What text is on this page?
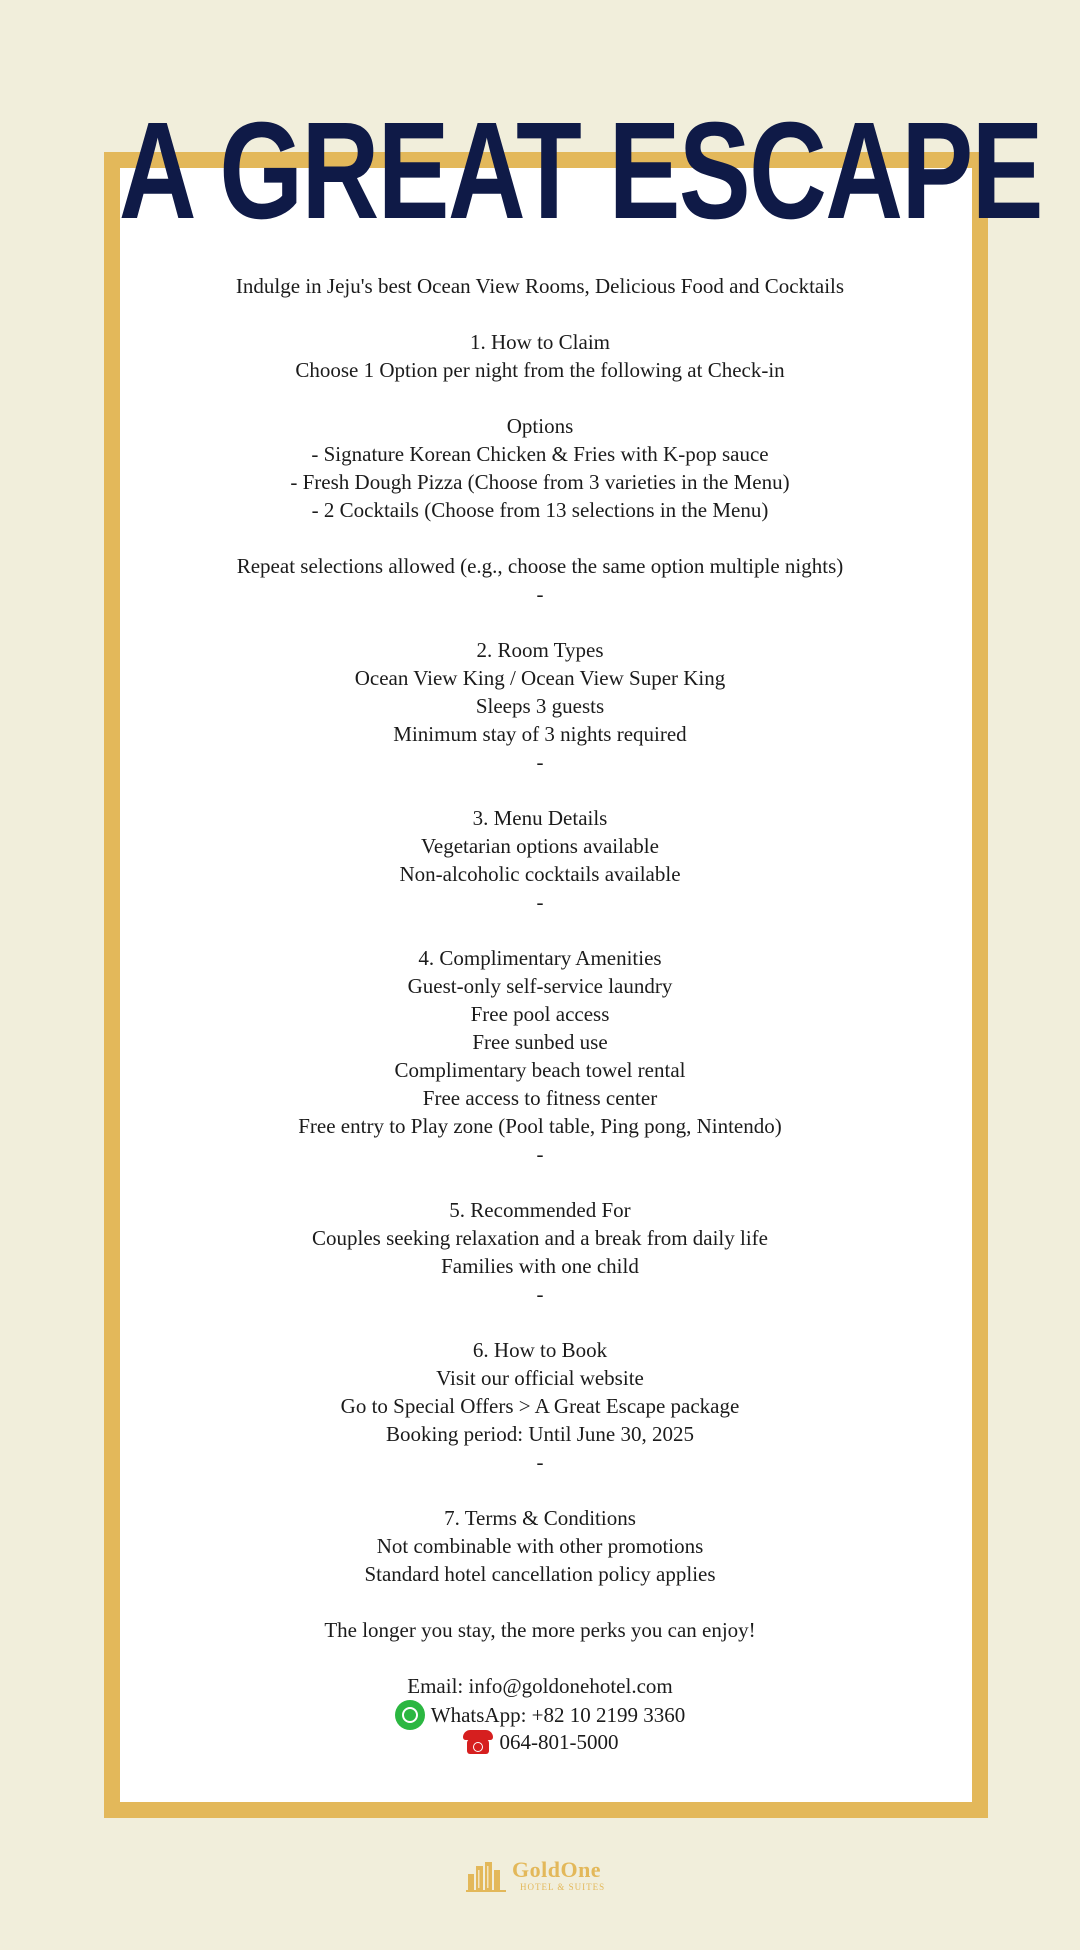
A GREAT ESCAPE
Indulge in Jeju's best Ocean View Rooms, Delicious Food and Cocktails
1. How to Claim
Choose 1 Option per night from the following at Check-in
Options
- Signature Korean Chicken & Fries with K-pop sauce
- Fresh Dough Pizza (Choose from 3 varieties in the Menu)
- 2 Cocktails (Choose from 13 selections in the Menu)
Repeat selections allowed (e.g., choose the same option multiple nights)
-
2. Room Types
Ocean View King / Ocean View Super King
Sleeps 3 guests
Minimum stay of 3 nights required
-
3. Menu Details
Vegetarian options available
Non-alcoholic cocktails available
-
4. Complimentary Amenities
Guest-only self-service laundry
Free pool access
Free sunbed use
Complimentary beach towel rental
Free access to fitness center
Free entry to Play zone (Pool table, Ping pong, Nintendo)
-
5. Recommended For
Couples seeking relaxation and a break from daily life
Families with one child
-
6. How to Book
Visit our official website
Go to Special Offers > A Great Escape package
Booking period: Until June 30, 2025
-
7. Terms & Conditions
Not combinable with other promotions
Standard hotel cancellation policy applies
The longer you stay, the more perks you can enjoy!
Email: info@goldonehotel.com
WhatsApp: +82 10 2199 3360
064-801-5000
GoldOne
HOTEL & SUITES
